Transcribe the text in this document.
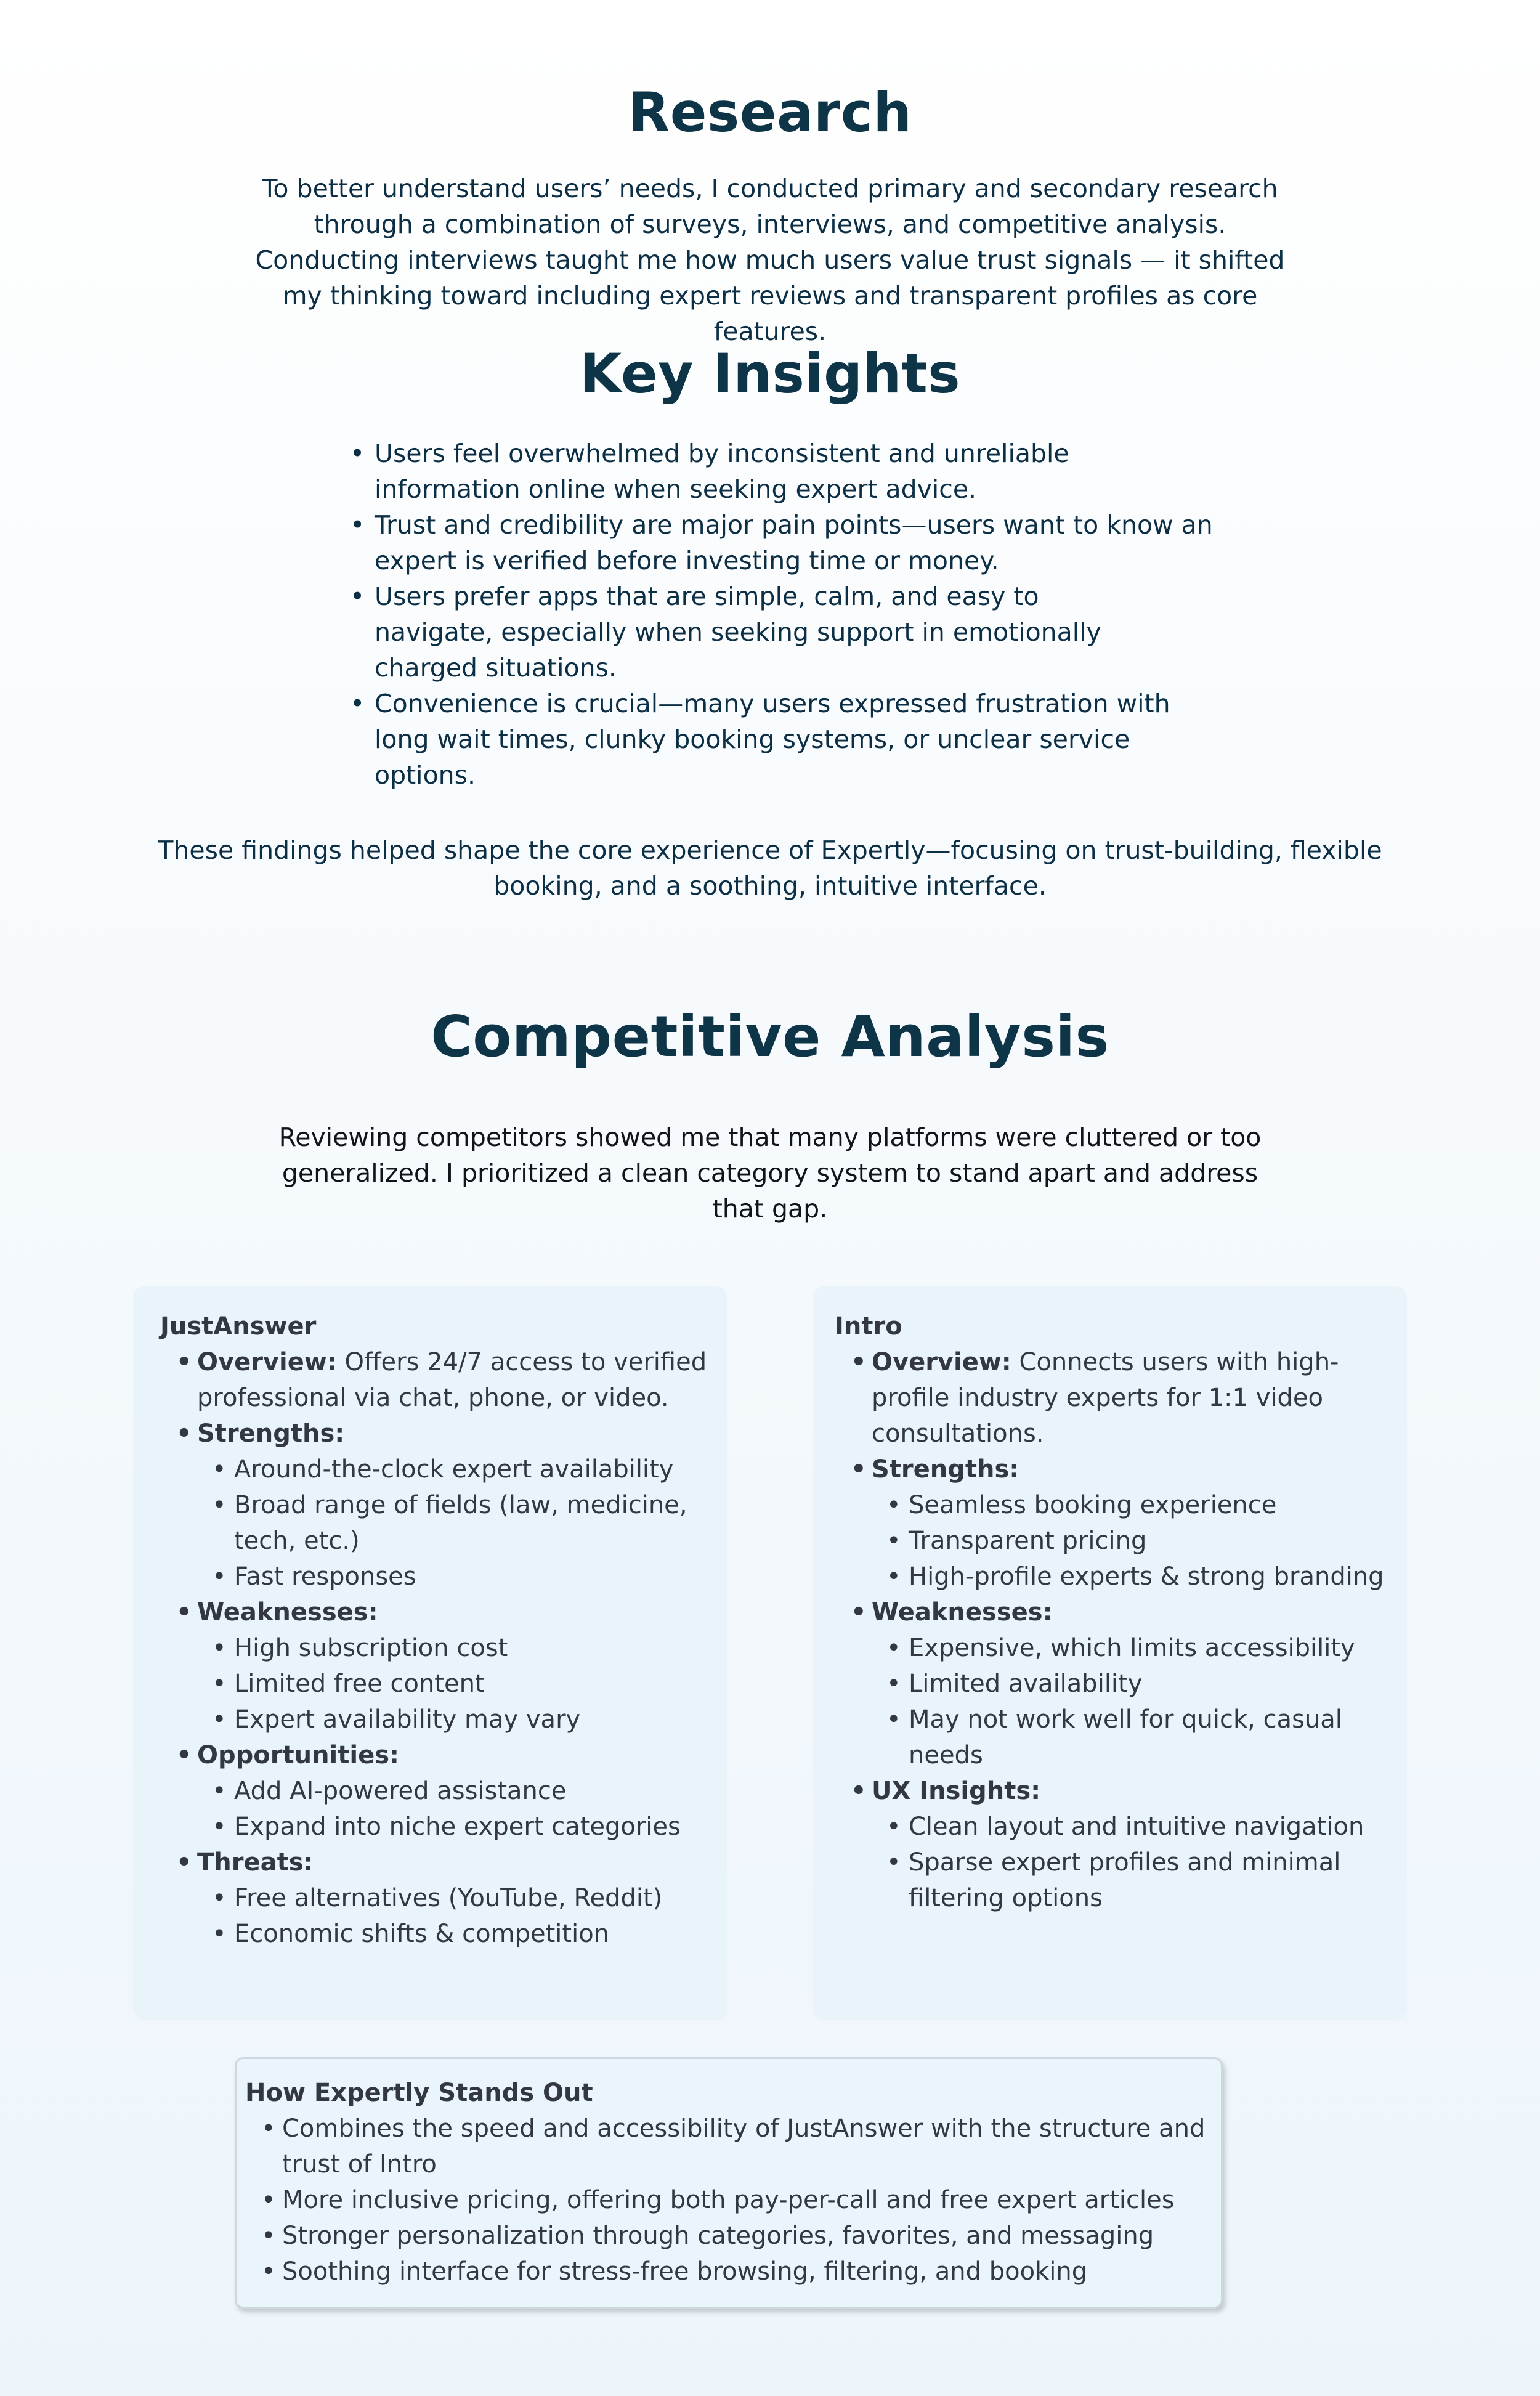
Research
To better understand users’ needs, I conducted primary and secondary research through a combination of surveys, interviews, and competitive analysis. Conducting interviews taught me how much users value trust signals — it shifted my thinking toward including expert reviews and transparent profiles as core features.
Key Insights
• Users feel overwhelmed by inconsistent and unreliable information online when seeking expert advice.
• Trust and credibility are major pain points—users want to know an expert is verified before investing time or money.
• Users prefer apps that are simple, calm, and easy to navigate, especially when seeking support in emotionally charged situations.
• Convenience is crucial—many users expressed frustration with long wait times, clunky booking systems, or unclear service options.
These findings helped shape the core experience of Expertly—focusing on trust-building, flexible booking, and a soothing, intuitive interface.
Competitive Analysis
Reviewing competitors showed me that many platforms were cluttered or too generalized. I prioritized a clean category system to stand apart and address that gap.
JustAnswer
• Overview: Offers 24/7 access to verified professional via chat, phone, or video.
• Strengths:
• Around-the-clock expert availability
• Broad range of fields (law, medicine, tech, etc.)
• Fast responses
• Weaknesses:
• High subscription cost
• Limited free content
• Expert availability may vary
• Opportunities:
• Add AI-powered assistance
• Expand into niche expert categories
• Threats:
• Free alternatives (YouTube, Reddit)
• Economic shifts & competition
Intro
• Overview: Connects users with high-profile industry experts for 1:1 video consultations.
• Strengths:
• Seamless booking experience
• Transparent pricing
• High-profile experts & strong branding
• Weaknesses:
• Expensive, which limits accessibility
• Limited availability
• May not work well for quick, casual needs
• UX Insights:
• Clean layout and intuitive navigation
• Sparse expert profiles and minimal filtering options
How Expertly Stands Out
• Combines the speed and accessibility of JustAnswer with the structure and trust of Intro
• More inclusive pricing, offering both pay-per-call and free expert articles
• Stronger personalization through categories, favorites, and messaging
• Soothing interface for stress-free browsing, filtering, and booking
